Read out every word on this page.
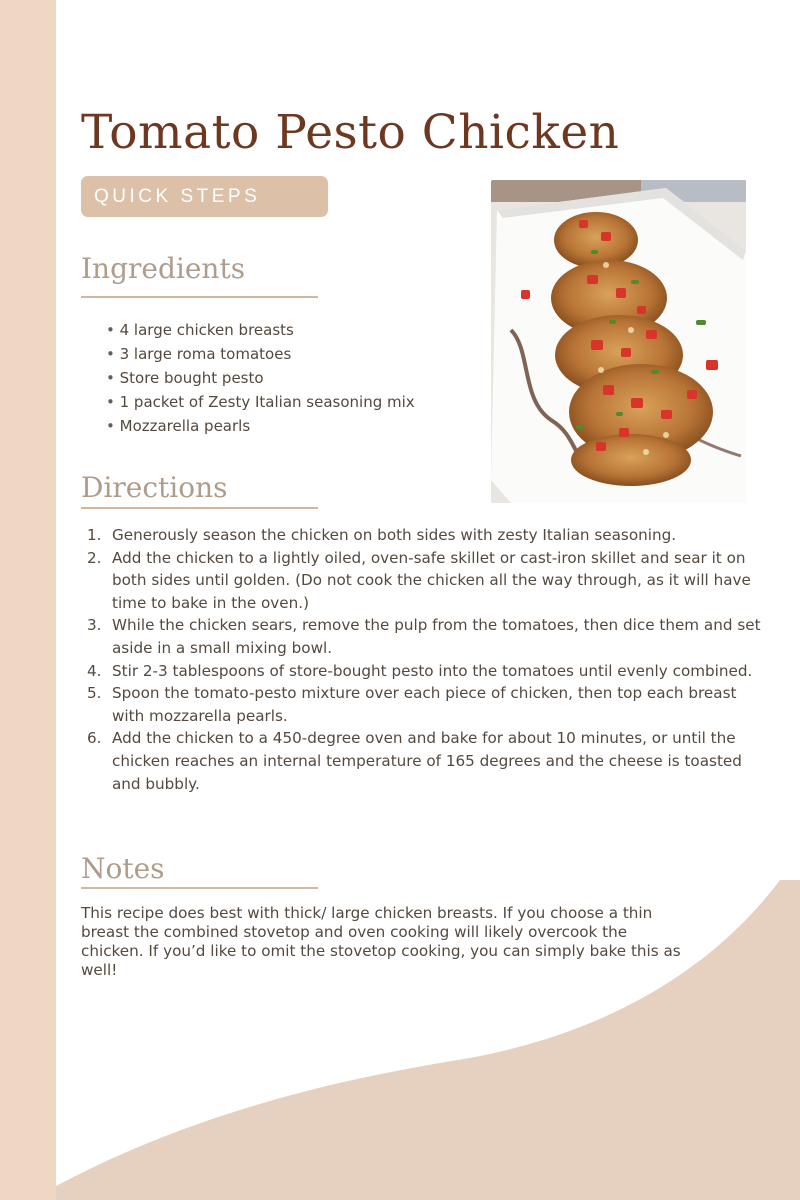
Tomato Pesto Chicken
QUICK STEPS
Ingredients
• 4 large chicken breasts
• 3 large roma tomatoes
• Store bought pesto
• 1 packet of Zesty Italian seasoning mix
• Mozzarella pearls
Directions
1. Generously season the chicken on both sides with zesty Italian seasoning.
2. Add the chicken to a lightly oiled, oven-safe skillet or cast-iron skillet and sear it on both sides until golden. (Do not cook the chicken all the way through, as it will have time to bake in the oven.)
3. While the chicken sears, remove the pulp from the tomatoes, then dice them and set aside in a small mixing bowl.
4. Stir 2-3 tablespoons of store-bought pesto into the tomatoes until evenly combined.
5. Spoon the tomato-pesto mixture over each piece of chicken, then top each breast with mozzarella pearls.
6. Add the chicken to a 450-degree oven and bake for about 10 minutes, or until the chicken reaches an internal temperature of 165 degrees and the cheese is toasted and bubbly.
Notes

This recipe does best with thick/ large chicken breasts. If you choose a thin breast the combined stovetop and oven cooking will likely overcook the chicken. If you’d like to omit the stovetop cooking, you can simply bake this as well!
